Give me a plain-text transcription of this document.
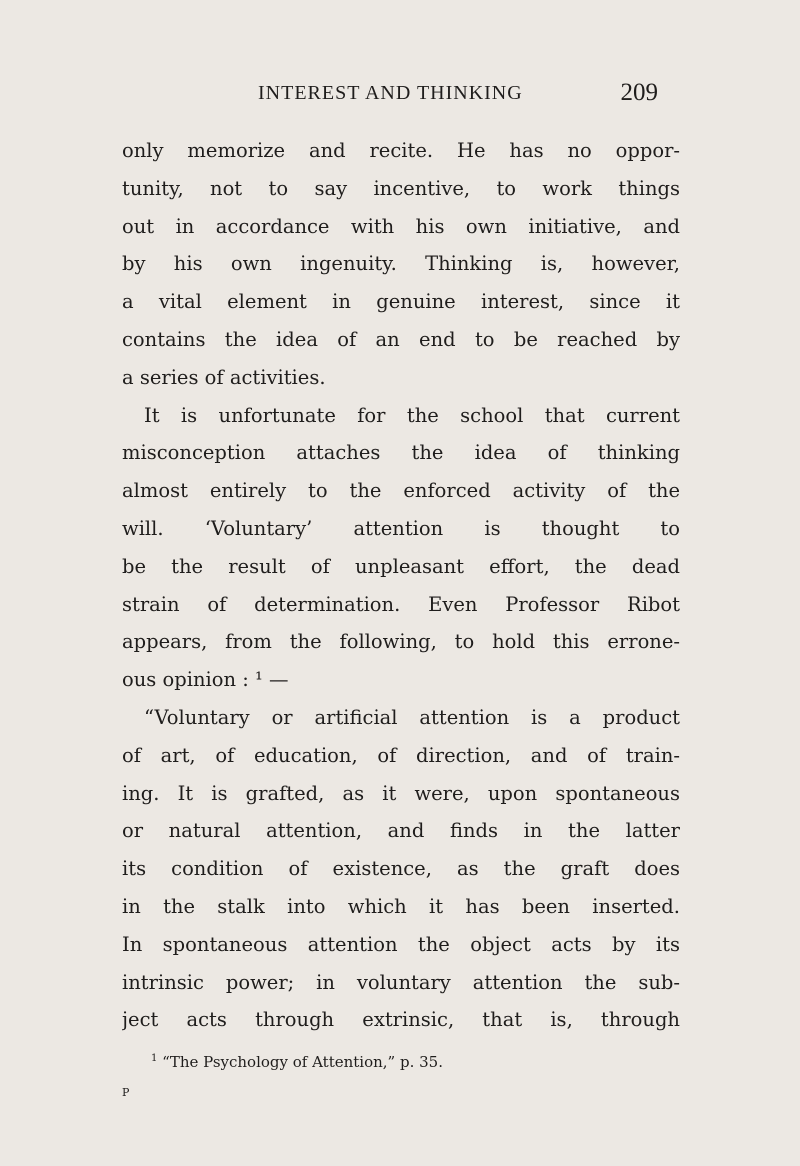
INTEREST AND THINKING	209
only memorize and recite. He has no oppor-
tunity, not to say incentive, to work things
out in accordance with his own initiative, and
by his own ingenuity. Thinking is, however,
a vital element in genuine interest, since it
contains the idea of an end to be reached by
a series of activities.
It is unfortunate for the school that current
misconception attaches the idea of thinking
almost entirely to the enforced activity of the
will. ‘Voluntary’ attention is thought to
be the result of unpleasant effort, the dead
strain of determination. Even Professor Ribot
appears, from the following, to hold this errone-
ous opinion : ¹ —
“Voluntary or artificial attention is a product
of art, of education, of direction, and of train-
ing. It is grafted, as it were, upon spontaneous
or natural attention, and finds in the latter
its condition of existence, as the graft does
in the stalk into which it has been inserted.
In spontaneous attention the object acts by its
intrinsic power; in voluntary attention the sub-
ject acts through extrinsic, that is, through
$^1$ “The Psychology of Attention,” p. 35.
P
